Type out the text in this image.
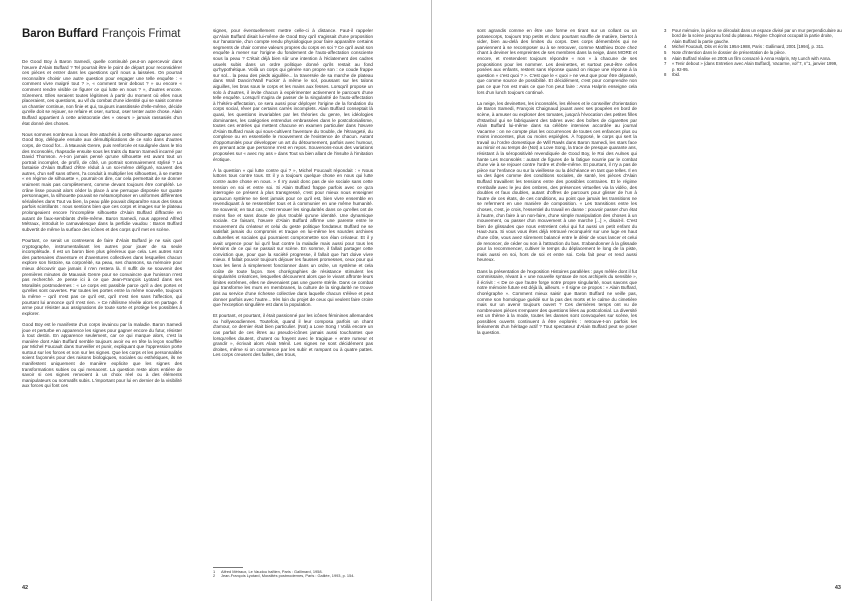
Baron Buffard François Frimat

De Good Boy à Baron Samedi, quelle continuité peut-on apercevoir dans l'œuvre d'Alain Buffard ? Tel pourrait être le point de départ pour reconsidérer ces pièces et entrer dans les questions qu'il nous a laissées. On pourrait reconnaître choisir une autre question pour engager une telle enquête : « comment vivre malgré tout ? », « comment tenir debout ? » ou encore « comment rendre visible ce figurer ce qui lutte en nous ? », d'autres encore. Sûrement. Elles seraient toutes légitimes à partir du moment où elles nous placeraient, ces questions, au vif du combat d'une identité qui se saisit comme un chantier continue, non finie et qui, toujours inassitissée d'elle-même, décide qu'elle doit se rejouer, se refaire et oser, surtout, oser tenter autre chose. Alain Buffard appartient à cette aristocratie des « oseurs » jamais rassasiés d'un état donné des choses.

Nous sommes nombreux à nous être attachés à cette silhouette apparue avec Good Boy, déléguée ensuite aux démultiplications de ce solo dans d'autres corps, de Good for... à Mauvais Genre, puis renforcée et soulignée dans le trio des Inconsolés, rhapsodie ensuite sous les traits du Baron Samedi incarné par David Thomson. A-t-on jamais pensé qu'une silhouette est avant tout un portrait incomplet, de profil, de côté, un portrait sommairement stylisé ? La fantaisie d'Alain Buffard d'être réduit à un soi-même défiguré, souvent des autres, d'un self sans others, l'a conduit à multiplier les silhouettes, à se mettre « en régime de silhouette », pourrait-on dire, car cela permettait de se donner vraiment mais pas complètement, comme devant toujours être complété. Le crâne lisse pouvait alors céder la place à une perruque disposée sur quatre personnages, la silhouette pouvait se métamorphoser en uniformes différentes sérialisées dans Tout va bien, la peau pâle pouvait disparaître sous des tissus parfois scintillants : nous sentions bien que ces corps et images sur le plateau prolongeaient encore l'incomplète silhouette d'Alain Buffard diffractée en autant de faux-semblants d'elle-même. Baron Samedi, nous apprend Alfred Métraux, introduit le carnavalesque dans la perfidie vaudou : Baron Buffard subvertit de même la surface des icônes et des corps qu'il met en scène.

Pourtant, ce serait un contresens de faire d'Alain Buffard je ne sais quel cryptographe, instrumentalisant les autres pour jouer de sa seule incomplétude. Il est un baron bien plus généreux que cela. Les autres sont des partenaires d'aventure et d'aventures collectives dans lesquelles chacun explore son histoire, sa corporéité, sa peau, ses chansons, sa mémoire pour mieux découvrir que jamais il n'en restera là. Il suffit de se souvenir des premières minutes de Mauvais Genre pour se convaincre que l'unisson n'est pas recherché. Je pense ici à ce que Jean-François Lyotard dans ses Moralités postmodernes : « Le corps est passible parce qu'il a des portes et qu'elles sont ouvertes. Par toutes les portes entre la même nouvelle, toujours la même – qu'il n'est pas ce qu'il est, qu'il n'est rien sans l'affection, qui pourtant lui annonce qu'il n'est rien. » Ce nihilisme révèle alors en partage. Il arme pour résister aux assignations de toute sorte et protège les possibles à explorer.

Good Boy est le manifeste d'un corps invaincu par la maladie. Baron Samedi joue et perturbe en apparence les signes pour gagner encore du futur, résister à tout destin. En apparence seulement, car ce qui marque alors, c'est la manière dont Alain Buffard semble toujours avoir eu en tête la leçon soufflée par Michel Foucault dans Surveiller et punir, expliquant que l'oppression porte surtout sur les forces et non sur les signes. Que les corps et les personnalités soient façonnés pour des raisons biologiques, sociales ou esthétiques, ils ne manifestent uniquement de manière explicite que les signes des transformations subies ou qui menacent. La question reste alors entière de savoir si ces signes renvoient à un choix réel ou à des éléments manipulateurs ou normatifs subis. L'important pour lui en dernier de la visibilité aux forces qui font ces

signes, pour éventuellement mettre celle-ci à distance. Faut-il rappeler qu'Alain Buffard disait lui-même de Good Boy qu'il s'agissait d'une proposition sur l'anatomie, d'un compte rendu physiologique pour faire apparaître certains segments de chair comme valeurs propres du corps en soi ? Ce qu'il avait son enquête à mener sur l'origine du fondement de l'auto-affectation consciente sous la peau ? C'était déjà bien sûr une intention à l'éclatement des cadres usuels subis dans un ordre politique donné qu'ils restait au fond qu'hypothétique. Voilà un corps qui génère son propre son : ce coude frappe sur sol... la peau des pieds aiguillée... la traversée de sa marche de plateau dans Wall Dancin'/Wall Fuckin' à même le sol, poussant sur les talons aiguilles, les bras sous le corps et les mains aux fesses. Lorsqu'il propose un solo à d'autres, il invite chacun à expérimenter activement le parcours d'une telle enquête. Lorsqu'il s'agira de passer de la singularité de l'auto-affectation à l'hétéro-affectation, ce sera aussi pour déployer l'origine de la fondation du corps social, rêver par certains carrés incomplets. Alain Buffard conseptait là quasi, les questions invariables par les théories du genre, les idéologies dominantes, les catégories entrendus embrassées dans le postcolonialisme, toutes ces entrées qui mettent chacune en examen particulier dans l'œuvre d'Alain Buffard mais qui sous-cultivent l'aventure du trouble, de l'étrangeté, du complexe ou en essentielle le mouvement de l'existence de chacun. Autant d'opportunités pour développer un art du détournement, parfois avec humour, en prenant acte que personne n'est en repos. Souvenons-nous des variations proposées sur « avec my ass » dans Tout va bien allant de l'insulte à l'imitation érotique.

À la question « qui lutte contre qui ? », Michel Foucault répondait : « Nous luttons tous contre tous. Et il y a toujours quelque chose en nous qui lutte contre autre chose en nous. » Il n'y avait donc pas de vie sociale sans cette tension en soi et entre soi. Si Alain Buffard frappe parfois avec ce qu'a interrogée ce présent à plus transgressé, c'est pour mieux nous enseigner qu'aucun système ne tient jamais pour ce qu'il est, bien vivre ensemble en revendiquant à se ressembler tous et à communier en une même humanité. Se souvenir, en tout cas, c'est renouer les singularités dans ce qu'elles ont de moins fixe et sans doute de plus troublé qu'une identité. Une dynamique sociale. Ce faisant, l'œuvre d'Alain Buffard affirme une parente entre le mouvement du créateur et celui du geste politique fondateur. Buffard ne se satisfait jamais du compromis et traque en lui-même les sourdes archives culturelles et sociales qui pourraient compromettre son élan créateur. Et il y avait urgence pour lui qu'il faut contre la maladie mais aussi pour tous les témoins de ce qui se passait sur scène. En somme, il fallait partager cette conviction que, pour que la société progresse, il fallait que l'art doive vivre mieux. Il fallait pouvoir toujours déjouer les fausses promesses, ceux pour qui tous les liens à simplement fonctionner dans un ordre, un système et cela coûte de toute façon. Ses chorégraphies de résistance stimulent les singularités créatrices, lesquelles découvrent alors que le vivant affronte leurs limites extrêmes, elles ne devenaient pas une guerre stérile. Dans ce combat qui transforme les murs en membranes, la culture de la singularité ne trouve pas au service d'une richesse collective dans laquelle chacun s'élève et peut donner parfois avec l'autre... très loin du projet de ceux qui veulent faire croire que l'exception singulière est dans la population.

Et pourtant, et pourtant, il était passionné par les icônes féminines allemandes ou hollywoodiennes. Toutefois, quand il leur composa parfois un chant d'amour, ce dernier était bien particulier. (Not) a Love Song ! Voilà encore un cas parfait de ces êtres au pseudo-icônes jamais aussi touchantes que lorsqu'elles doutent, chutent ou frayent avec le tragique « entre rumeur et grandir », écrivait alors Alain Ménil. Les signes ne sont décidément pas droites, même si on commence par les subir et rampant ou à quatre pattes. Les corps creusent des failles, des trous,

1	Alfred Métraux, Le Vaudou haïtien, Paris : Gallimard, 1958.
2	Jean-François Lyotard, Moralités postmodernes, Paris : Galilée, 1993, p. 154.
42

sont agrandis comme en être une forme en tirant sur un collant ou un potasecorps, toujours trop petits et donc pourtant souffle de matière, biertot à vider, bien au-delà des limites du corps. Des corps démembrés qui ne parviennent à se recomposer ou à se retrouver, comme Matthieu Doze chez chant à deviner les empreintes de ses membres dans la neige, dans MORE et encore, et s'entendent toujours répondre « non » à chacune de ses propositions pour les nommer. Les devinettes, et surtout peut-être celles posées aux enfants, restent sans réponse quand on risque une réponse à la question « c'est quoi ? ». C'est que le « quoi » ne veut que pour être dépassé, que comme source de possibilité. Et décidément, c'est pour comprendre non pas ce que l'on est mais ce que l'on peut faire : Anna Halprin enseigne cela lors d'un lunch toujours continué.

La neige, les devinettes, les inconsolés, les élèves et le conseiller d'orientation de Baron Samedi, François Chaignaud jouant avec ses poupées en bord de scène, à amuser ou exploser des tomates, jusqu'à l'évocation des petites filles d'Istanbul qui se fabriquaient des tabres avec des boîtes de cigarettes par Alain Buffard lui-même dans sa célèbre interview accordée au journal Vacarme : on ne compte plus les occurrences de toutes ces enfances plus ou moins innocentes, plus ou moins espiègles. À l'opposé, le corps qui sert la travail ou l'ordre domestique de Will Rawls dans Baron Samedi, les stars face au miroir et au temps de (Not) a Love Song, la trace de presque quarante ans, résistant à la séropositivité revendiquée de Good Boy, le Roi des Aulnes qui hante Les Inconsolés : autant de figures de la fatigue nourrie par le combat d'une vie à se rejouer contre l'ordre et d'elle-même. Et pourtant, il n'y a pas de pièce sur l'enfance ou sur la vieillesse ou la déchéance en tant que telles. Il en va des âges comme des conditions sociales, de santé, les pièces d'Alain Buffard travaillent les tensions entre des possibles contraires. Et le régime s'emballe avec le jeu des ombres, des présences virtuelles via la vidéo, des doubles et faux doubles, autant d'offres de parcours pour glisser de l'un à l'autre de ces états, de ces conditions, au point que jamais les transitions ne se referment en une manière de composition. « Les transitions entre les choses, c'est, je crois, l'essentiel du travail en danse : pouvoir passer d'un état à l'autre, d'un faire à un non-faire, d'une simple manipulation des choses à un mouvement, ou passer d'un mouvement à une marche [...] », disait-il. C'est bien de glissades que nous entretient celui qui fut aussi un petit enfant du Haut-Jura. Si vous vous êtes déjà retrouvé reconquérir sur une luge en haut d'une côte, vous avez sûrement balancé entre le désir de vous lancer et celui de renoncer, de céder ou non à l'attraction du bas. S'abandonner à la glissade pour la recommencer, cultiver le temps du déplacement le long de la piste, mais aussi en soi, hors de soi et entre soi. Cela fait peur et rend aussi heureux.

Dans la présentation de l'exposition Histoires parallèles : pays mêlée dont il fut commissaire, révant à « une nouvelle syntaxe de nos archipels du sensible », il écrivit : « De ce que l'autre forge notre propre singularité, nous savons que notre mémoire future est déjà là, ailleurs. » Il signe ce propos : « Alain Buffard, chorégraphe ». Comment mieux saisir que Baron Buffard ne veille pas, comme son homologue guédé sur la pas des morts et le calme du cimetière mais sur un avenir toujours ouvert ? Ces dernières temps ont vu de nombreuses pièces s'emparer des questions liées au postcolonial. La diversité est un thème à la mode, toutes les danses sont convoquées sur scène, les possibles ouverts continuent à être explorés : retrouve-t-on parfois les linéaments d'un héritage actif ? Tout spectateur d'Alain Buffard peut se poser la question.

3	Pour mémoire, la pièce se déroulait dans un espace divisé par un mur perpendiculaire au bord de la scène jusqu'au fond du plateau. Régine Chopinot occupait la partie droite, Alain Buffard la partie gauche.
4	Michel Foucault, Dits et écrits 1954-1988, Paris : Gallimard, 2001 [1994], p. 311.
5	Note d'intention dans le dossier de présentation de la pièce.
6	Alain Buffard réalise en 2005 un film consacré à Anna Halprin, My Lunch with Anna.
7	« Tenir debout » (dans Entretien avec Alain Buffard), Vacarme, vol°7, n°1, janvier 1999, p. 92-95.
8	Ibid.
43
